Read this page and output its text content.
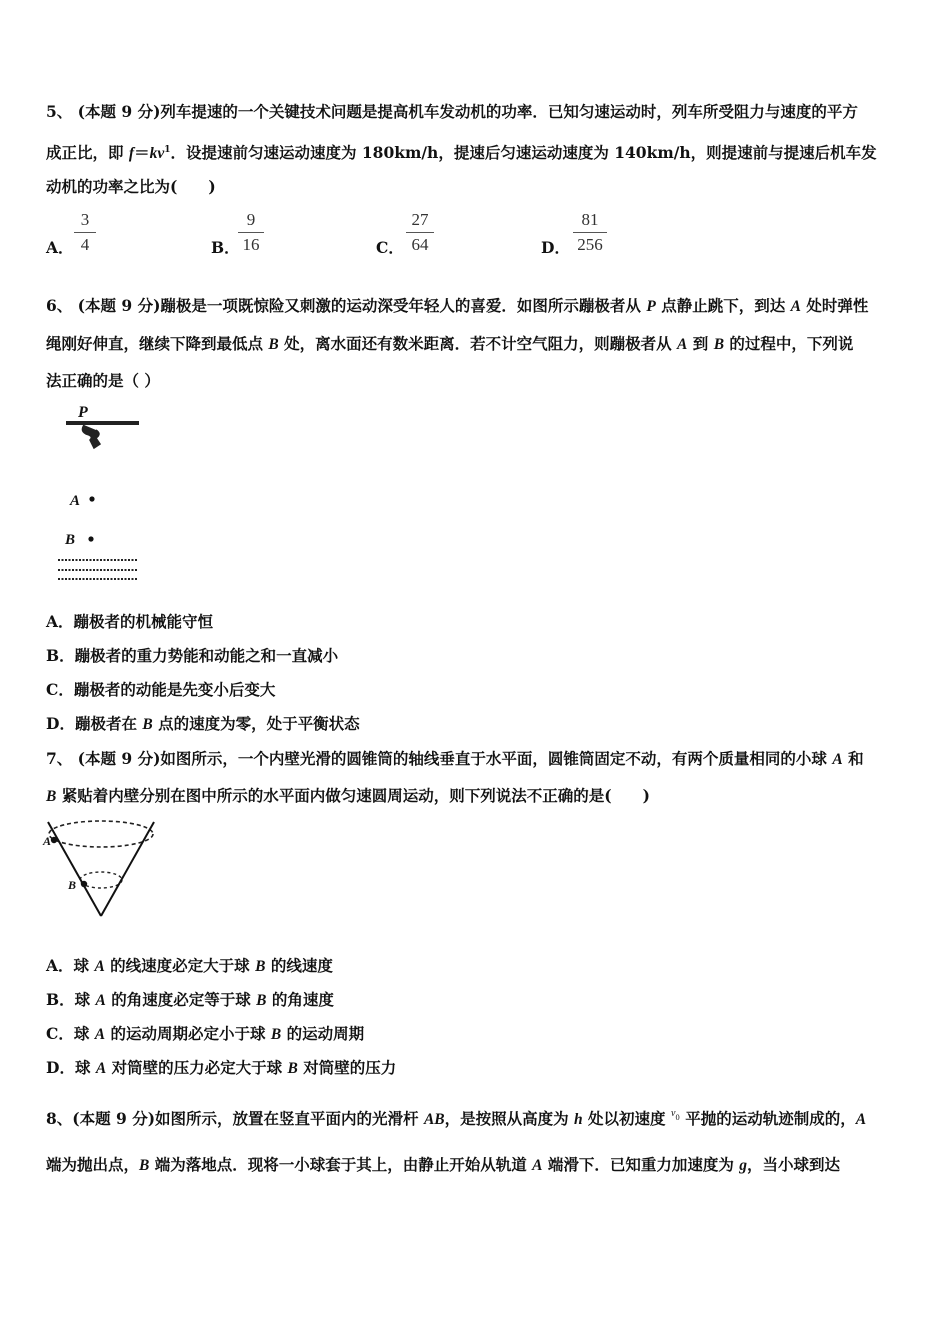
5、 (本题 9 分)列车提速的一个关键技术问题是提高机车发动机的功率．已知匀速运动时，列车所受阻力与速度的平方
成正比，即 $f=kv^1$．设提速前匀速运动速度为 180km/h，提速后匀速运动速度为 140km/h，则提速前与提速后机车发
动机的功率之比为(　　)
A．
3
4	B．
9
16	C．
27
64	D．
81
256
6、 (本题 9 分)蹦极是一项既惊险又刺激的运动深受年轻人的喜爱．如图所示蹦极者从 P 点静止跳下，到达 A 处时弹性
绳刚好伸直，继续下降到最低点 B 处，离水面还有数米距离．若不计空气阻力，则蹦极者从 A 到 B 的过程中，下列说
法正确的是（ ）
P
A
B
A．蹦极者的机械能守恒
B．蹦极者的重力势能和动能之和一直减小
C．蹦极者的动能是先变小后变大
D．蹦极者在 B 点的速度为零，处于平衡状态
7、 (本题 9 分)如图所示，一个内壁光滑的圆锥筒的轴线垂直于水平面，圆锥筒固定不动，有两个质量相同的小球 A 和
B 紧贴着内壁分别在图中所示的水平面内做匀速圆周运动，则下列说法不正确的是(　　)
A
B
A．球 A 的线速度必定大于球 B 的线速度
B．球 A 的角速度必定等于球 B 的角速度
C．球 A 的运动周期必定小于球 B 的运动周期
D．球 A 对筒壁的压力必定大于球 B 对筒壁的压力
8、(本题 9 分)如图所示，放置在竖直平面内的光滑杆 AB，是按照从高度为 h 处以初速度 $^v_0$ 平抛的运动轨迹制成的，A
端为抛出点，B 端为落地点．现将一小球套于其上，由静止开始从轨道 A 端滑下．已知重力加速度为 g，当小球到达
